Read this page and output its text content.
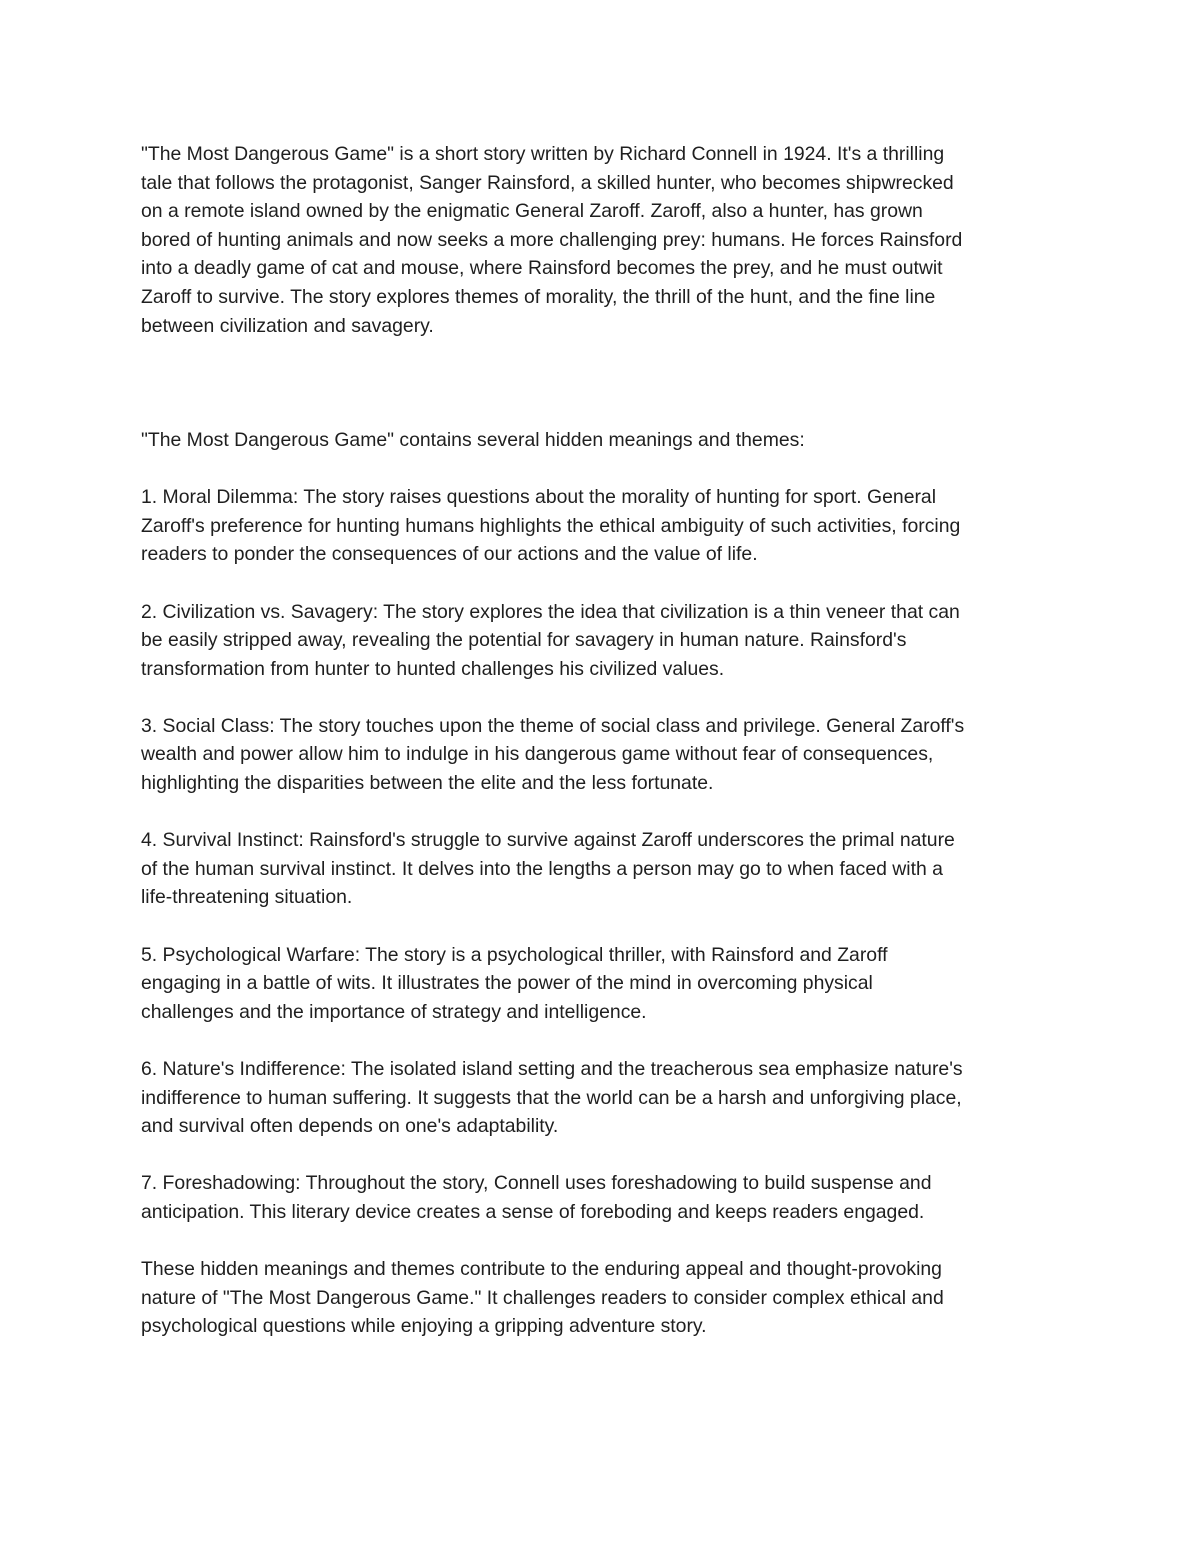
"The Most Dangerous Game" is a short story written by Richard Connell in 1924. It's a thrilling
tale that follows the protagonist, Sanger Rainsford, a skilled hunter, who becomes shipwrecked
on a remote island owned by the enigmatic General Zaroff. Zaroff, also a hunter, has grown
bored of hunting animals and now seeks a more challenging prey: humans. He forces Rainsford
into a deadly game of cat and mouse, where Rainsford becomes the prey, and he must outwit
Zaroff to survive. The story explores themes of morality, the thrill of the hunt, and the fine line
between civilization and savagery.

"The Most Dangerous Game" contains several hidden meanings and themes:

1. Moral Dilemma: The story raises questions about the morality of hunting for sport. General
Zaroff's preference for hunting humans highlights the ethical ambiguity of such activities, forcing
readers to ponder the consequences of our actions and the value of life.

2. Civilization vs. Savagery: The story explores the idea that civilization is a thin veneer that can
be easily stripped away, revealing the potential for savagery in human nature. Rainsford's
transformation from hunter to hunted challenges his civilized values.

3. Social Class: The story touches upon the theme of social class and privilege. General Zaroff's
wealth and power allow him to indulge in his dangerous game without fear of consequences,
highlighting the disparities between the elite and the less fortunate.

4. Survival Instinct: Rainsford's struggle to survive against Zaroff underscores the primal nature
of the human survival instinct. It delves into the lengths a person may go to when faced with a
life-threatening situation.

5. Psychological Warfare: The story is a psychological thriller, with Rainsford and Zaroff
engaging in a battle of wits. It illustrates the power of the mind in overcoming physical
challenges and the importance of strategy and intelligence.

6. Nature's Indifference: The isolated island setting and the treacherous sea emphasize nature's
indifference to human suffering. It suggests that the world can be a harsh and unforgiving place,
and survival often depends on one's adaptability.

7. Foreshadowing: Throughout the story, Connell uses foreshadowing to build suspense and
anticipation. This literary device creates a sense of foreboding and keeps readers engaged.

These hidden meanings and themes contribute to the enduring appeal and thought-provoking
nature of "The Most Dangerous Game." It challenges readers to consider complex ethical and
psychological questions while enjoying a gripping adventure story.
